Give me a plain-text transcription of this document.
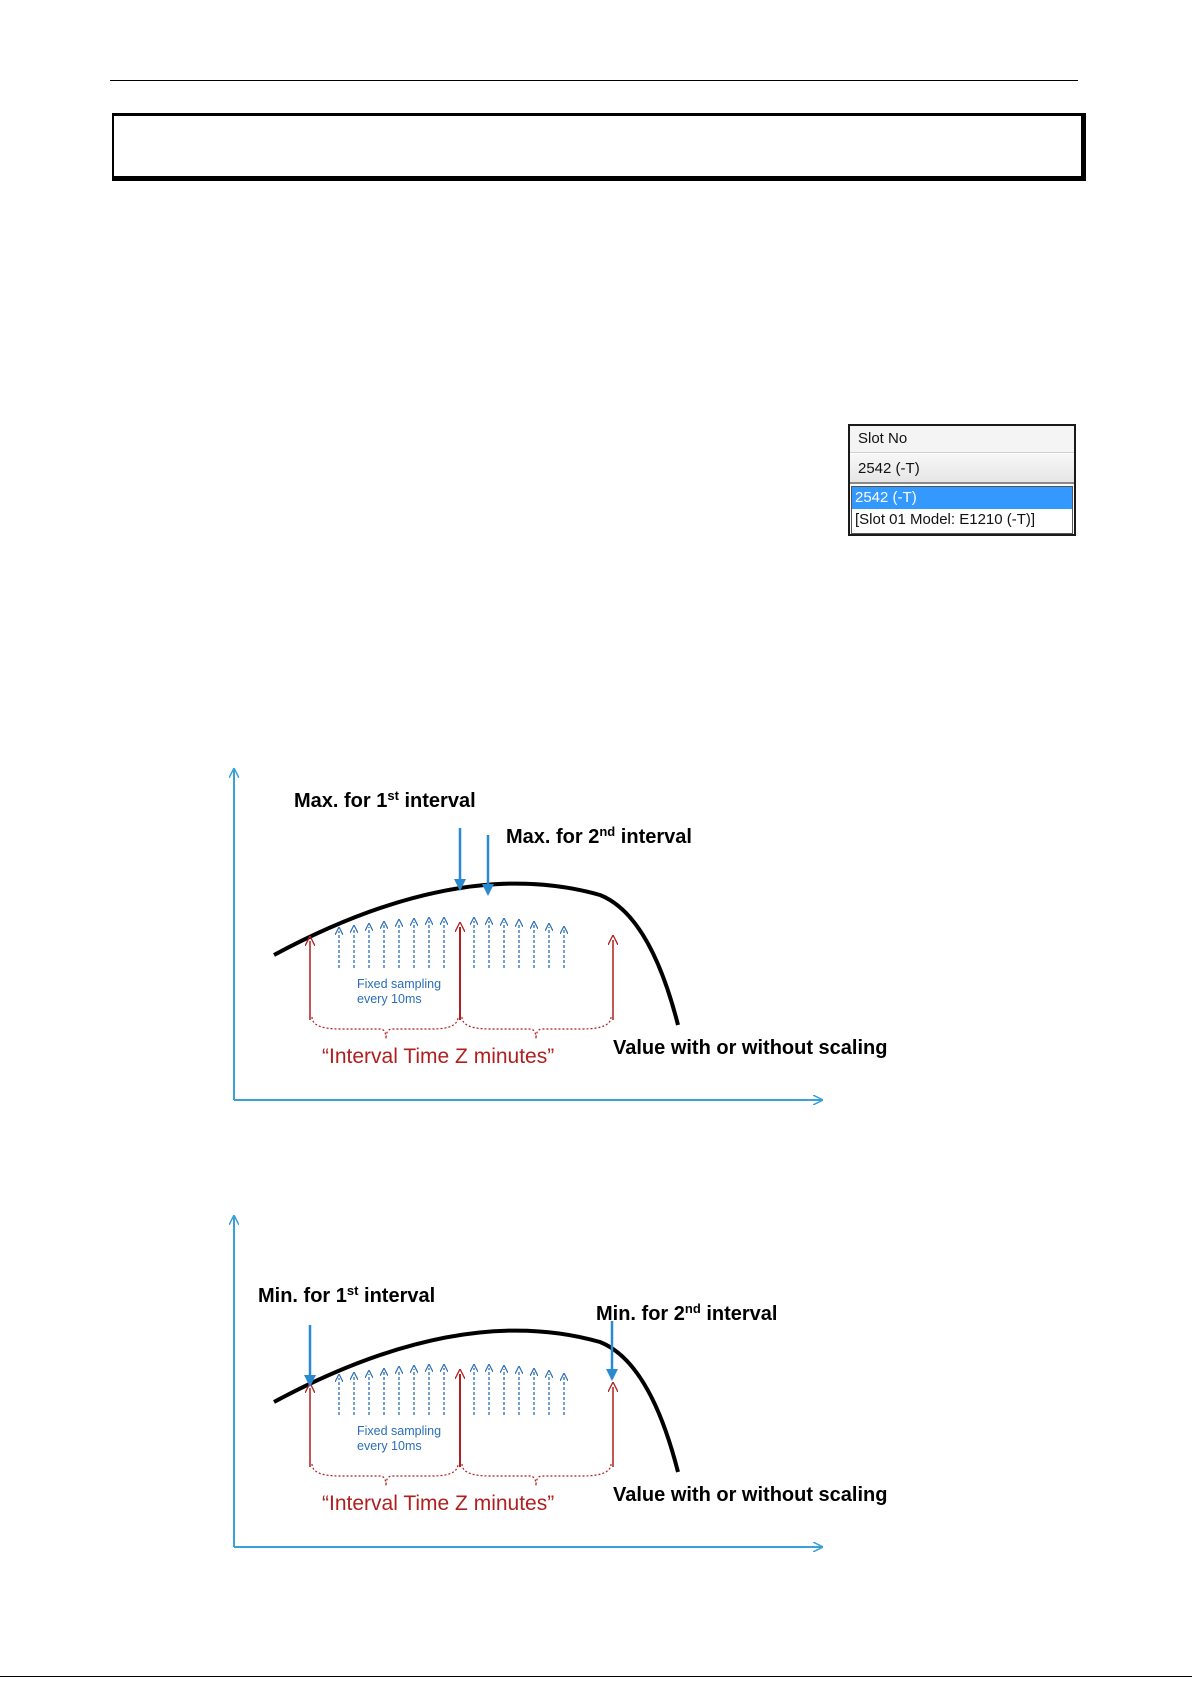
Slot No
2542 (-T)
2542 (-T)
[Slot 01 Model: E1210 (-T)]
Max. for 1st interval
Max. for 2nd interval
Fixed sampling
every 10ms
“Interval Time Z minutes”	Value with or without scaling
Min. for 1st interval
Min. for 2nd interval
Fixed sampling
every 10ms
“Interval Time Z minutes”	Value with or without scaling
